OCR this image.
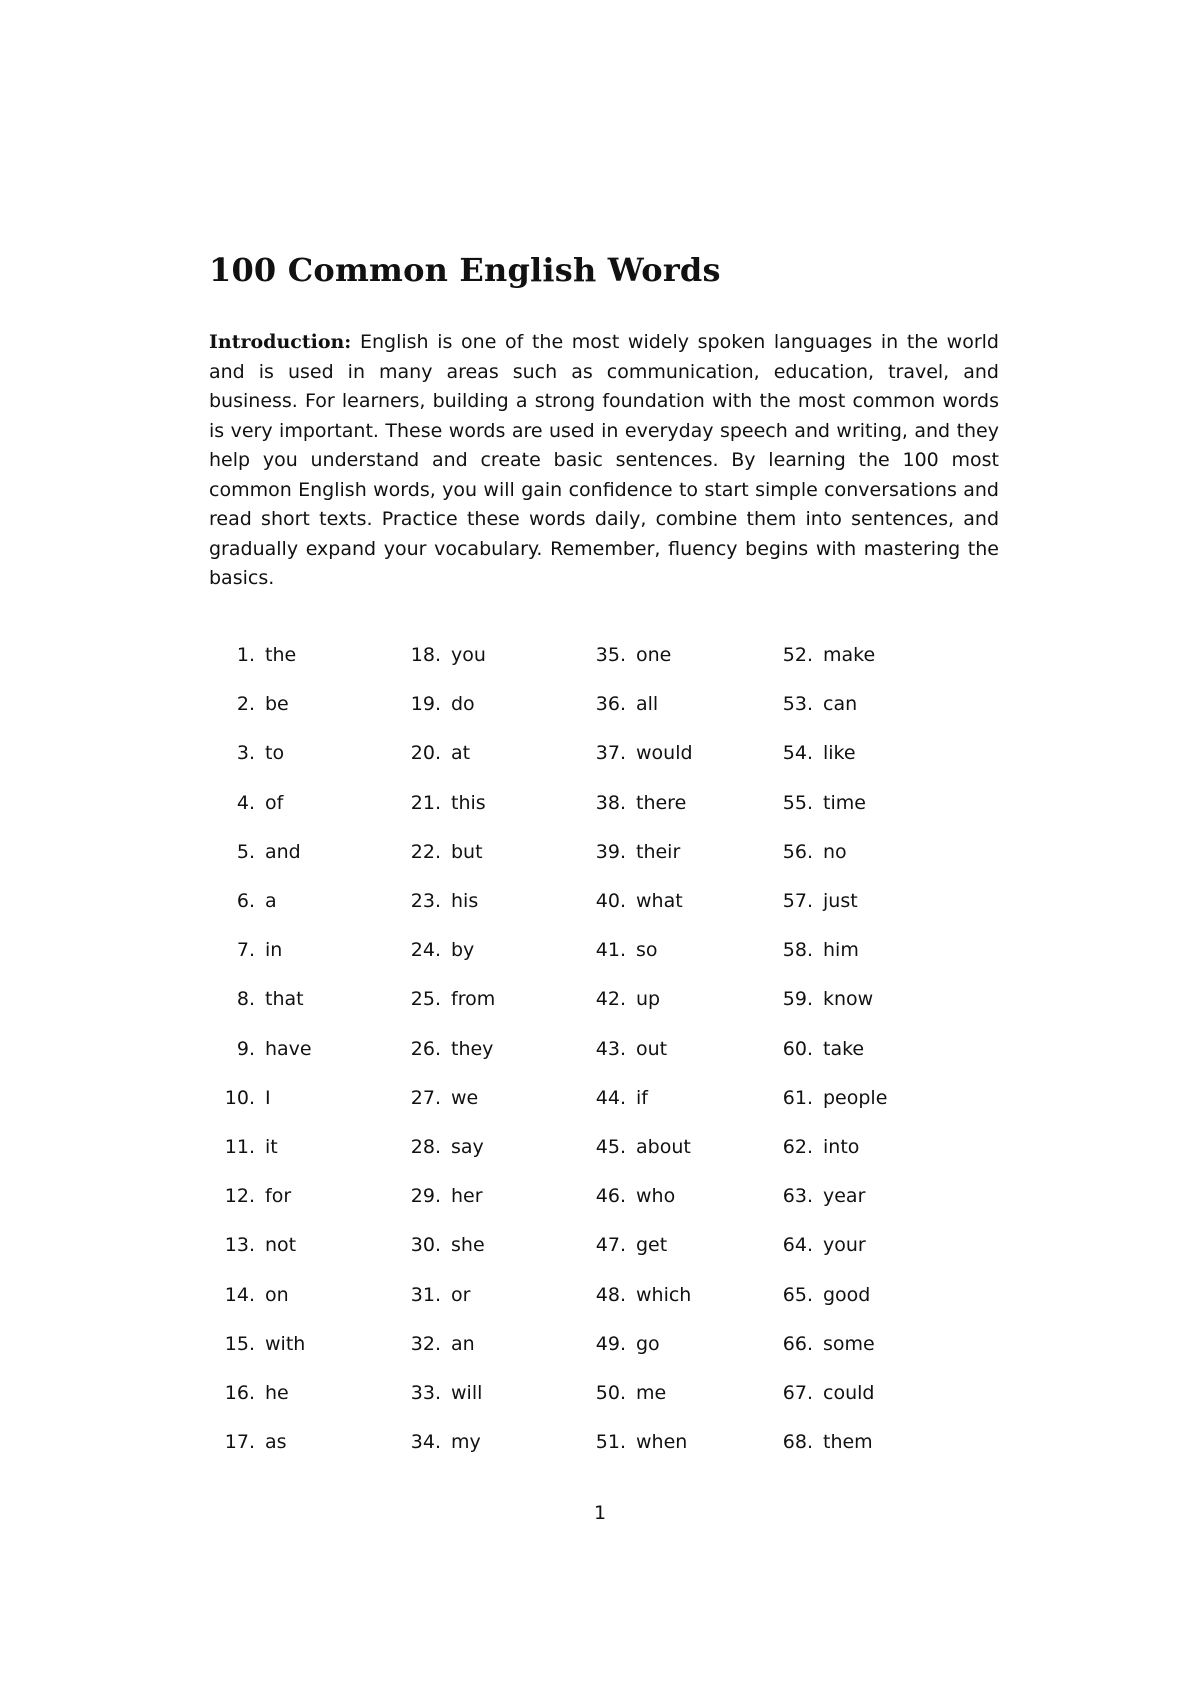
100 Common English Words

Introduction: English is one of the most widely spoken languages in the world and is used in many areas such as communication, education, travel, and business. For learners, building a strong foundation with the most common words is very important. These words are used in everyday speech and writing, and they help you understand and create basic sentences. By learning the 100 most common English words, you will gain confidence to start simple conversations and read short texts. Practice these words daily, combine them into sentences, and gradually expand your vocabulary. Remember, fluency begins with mastering the basics.

1. the
2. be
3. to
4. of
5. and
6. a
7. in
8. that
9. have
10. I
11. it
12. for
13. not
14. on
15. with
16. he
17. as
18. you
19. do
20. at
21. this
22. but
23. his
24. by
25. from
26. they
27. we
28. say
29. her
30. she
31. or
32. an
33. will
34. my
35. one
36. all
37. would
38. there
39. their
40. what
41. so
42. up
43. out
44. if
45. about
46. who
47. get
48. which
49. go
50. me
51. when
52. make
53. can
54. like
55. time
56. no
57. just
58. him
59. know
60. take
61. people
62. into
63. year
64. your
65. good
66. some
67. could
68. them
1
